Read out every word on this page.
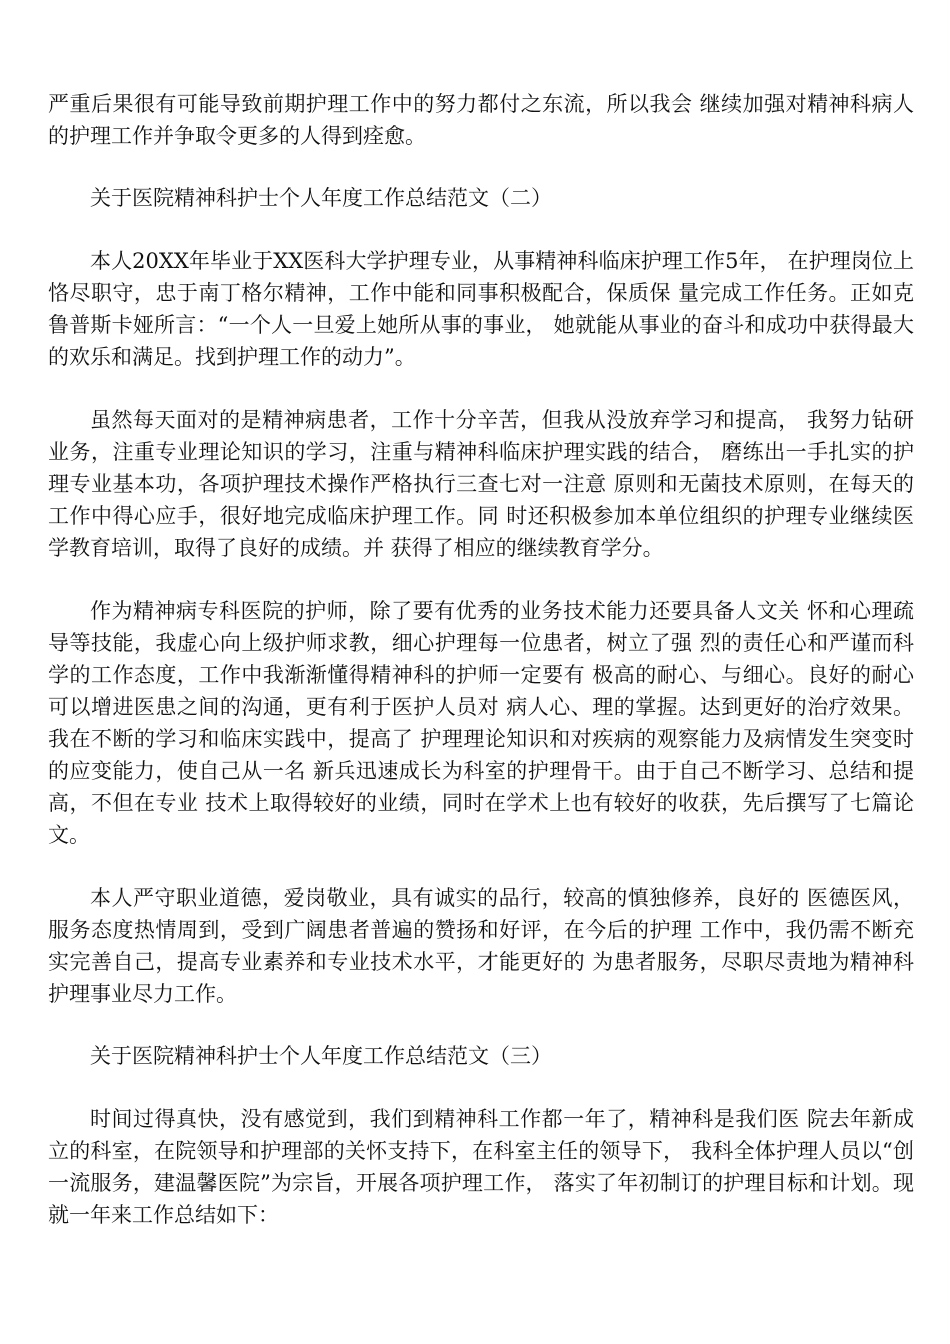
严重后果很有可能导致前期护理工作中的努力都付之东流，所以我会 继续加强对精神科病人的护理工作并争取令更多的人得到痊愈。

关于医院精神科护士个人年度工作总结范文（二）

本人20XX年毕业于XX医科大学护理专业，从事精神科临床护理工作5年， 在护理岗位上恪尽职守，忠于南丁格尔精神，工作中能和同事积极配合，保质保 量完成工作任务。正如克鲁普斯卡娅所言：“一个人一旦爱上她所从事的事业， 她就能从事业的奋斗和成功中获得最大的欢乐和满足。找到护理工作的动力”。

虽然每天面对的是精神病患者，工作十分辛苦，但我从没放弃学习和提高， 我努力钻研业务，注重专业理论知识的学习，注重与精神科临床护理实践的结合， 磨练出一手扎实的护理专业基本功，各项护理技术操作严格执行三查七对一注意 原则和无菌技术原则，在每天的工作中得心应手，很好地完成临床护理工作。同 时还积极参加本单位组织的护理专业继续医学教育培训，取得了良好的成绩。并 获得了相应的继续教育学分。

作为精神病专科医院的护师，除了要有优秀的业务技术能力还要具备人文关 怀和心理疏导等技能，我虚心向上级护师求教，细心护理每一位患者，树立了强 烈的责任心和严谨而科学的工作态度，工作中我渐渐懂得精神科的护师一定要有 极高的耐心、与细心。良好的耐心可以增进医患之间的沟通，更有利于医护人员对 病人心、理的掌握。达到更好的治疗效果。我在不断的学习和临床实践中，提高了 护理理论知识和对疾病的观察能力及病情发生突变时的应变能力，使自己从一名 新兵迅速成长为科室的护理骨干。由于自己不断学习、总结和提高，不但在专业 技术上取得较好的业绩，同时在学术上也有较好的收获，先后撰写了七篇论文。

本人严守职业道德，爱岗敬业，具有诚实的品行，较高的慎独修养，良好的 医德医风，服务态度热情周到，受到广阔患者普遍的赞扬和好评，在今后的护理 工作中，我仍需不断充实完善自己，提高专业素养和专业技术水平，才能更好的 为患者服务，尽职尽责地为精神科护理事业尽力工作。

关于医院精神科护士个人年度工作总结范文（三）

时间过得真快，没有感觉到，我们到精神科工作都一年了，精神科是我们医 院去年新成立的科室，在院领导和护理部的关怀支持下，在科室主任的领导下， 我科全体护理人员以“创一流服务，建温馨医院”为宗旨，开展各项护理工作， 落实了年初制订的护理目标和计划。现就一年来工作总结如下：
